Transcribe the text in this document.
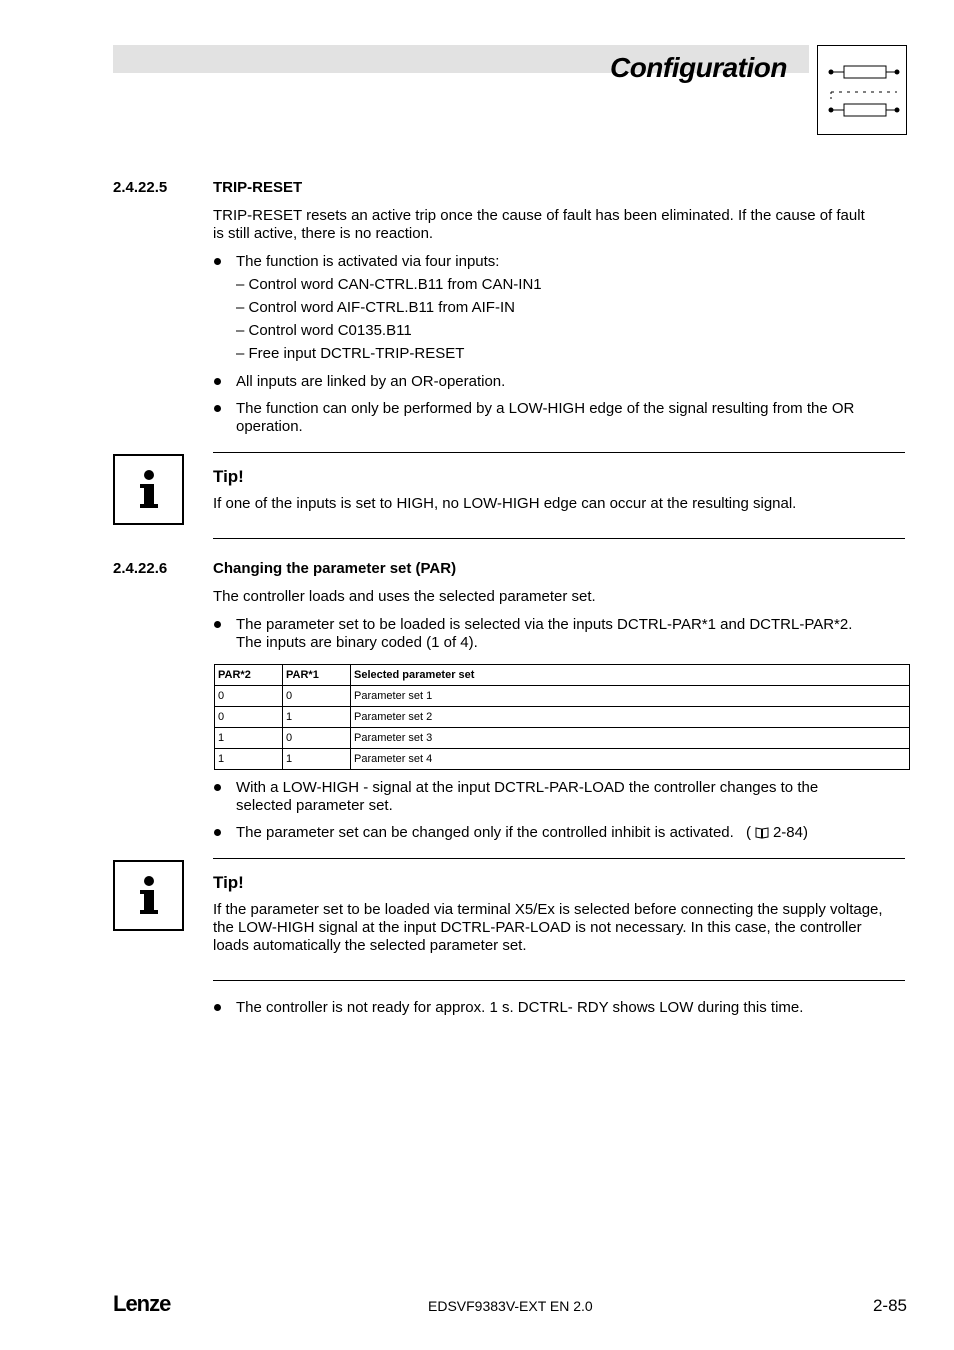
Configuration
2.4.22.5	TRIP-RESET
TRIP-RESET resets an active trip once the cause of fault has been eliminated. If the cause of fault
is still active, there is no reaction.
The function is activated via four inputs:
– Control word CAN-CTRL.B11 from CAN-IN1
– Control word AIF-CTRL.B11 from AIF-IN
– Control word C0135.B11
– Free input DCTRL-TRIP-RESET
All inputs are linked by an OR-operation.
The function can only be performed by a LOW-HIGH edge of the signal resulting from the OR
operation.
Tip!
If one of the inputs is set to HIGH, no LOW-HIGH edge can occur at the resulting signal.
2.4.22.6	Changing the parameter set (PAR)
The controller loads and uses the selected parameter set.
The parameter set to be loaded is selected via the inputs DCTRL-PAR*1 and DCTRL-PAR*2.
The inputs are binary coded (1 of 4).
PAR*2	PAR*1	Selected parameter set
0	0	Parameter set 1
0	1	Parameter set 2
1	0	Parameter set 3
1	1	Parameter set 4
With a LOW-HIGH - signal at the input DCTRL-PAR-LOAD the controller changes to the
selected parameter set.
The parameter set can be changed only if the controlled inhibit is activated. ( 2-84)
Tip!
If the parameter set to be loaded via terminal X5/Ex is selected before connecting the supply voltage,
the LOW-HIGH signal at the input DCTRL-PAR-LOAD is not necessary. In this case, the controller
loads automatically the selected parameter set.
The controller is not ready for approx. 1 s. DCTRL- RDY shows LOW during this time.
Lenze	EDSVF9383V-EXT EN 2.0	2-85
